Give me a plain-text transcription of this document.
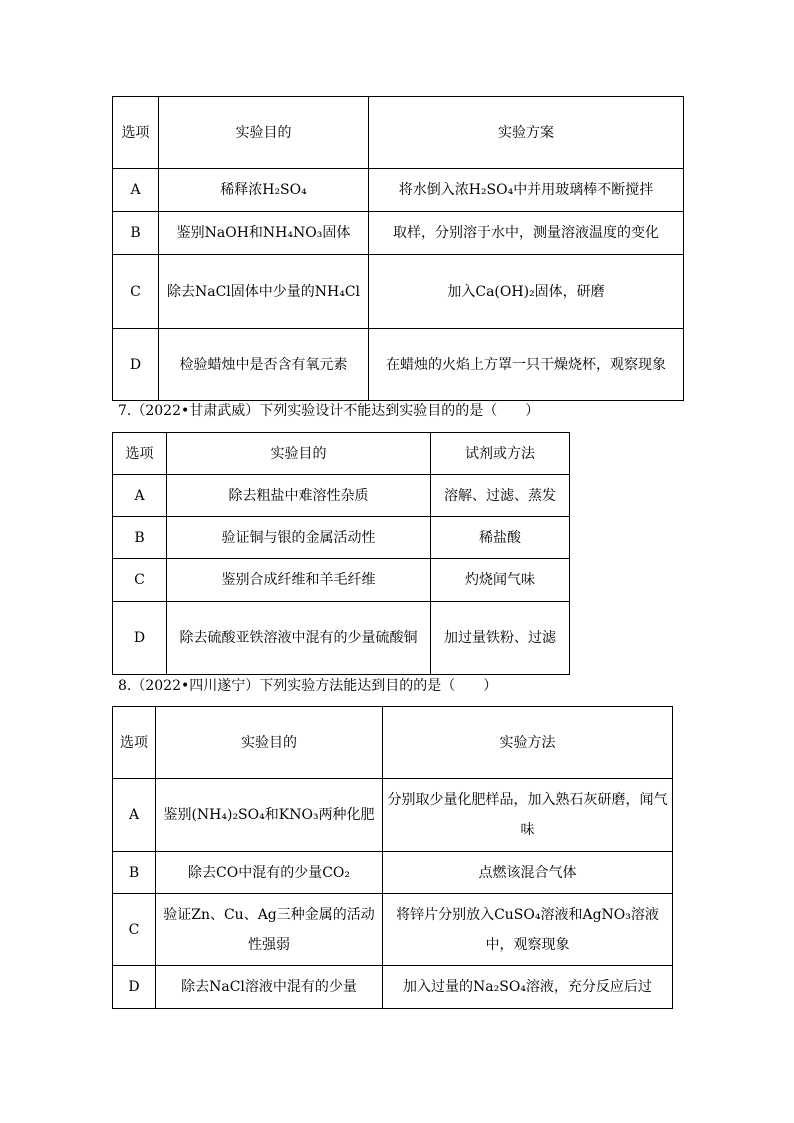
选项	实验目的	实验方案
A	稀释浓H₂SO₄	将水倒入浓H₂SO₄中并用玻璃棒不断搅拌
B	鉴别NaOH和NH₄NO₃固体	取样，分别溶于水中，测量溶液温度的变化
C	除去NaCl固体中少量的NH₄Cl	加入Ca(OH)₂固体，研磨
D	检验蜡烛中是否含有氧元素	在蜡烛的火焰上方罩一只干燥烧杯，观察现象
7.（2022•甘肃武威）下列实验设计不能达到实验目的的是（　　）
选项	实验目的	试剂或方法
A	除去粗盐中难溶性杂质	溶解、过滤、蒸发
B	验证铜与银的金属活动性	稀盐酸
C	鉴别合成纤维和羊毛纤维	灼烧闻气味
D	除去硫酸亚铁溶液中混有的少量硫酸铜	加过量铁粉、过滤
8.（2022•四川遂宁）下列实验方法能达到目的的是（　　）
选项	实验目的	实验方法
A	鉴别(NH₄)₂SO₄和KNO₃两种化肥	分别取少量化肥样品，加入熟石灰研磨，闻气味
B	除去CO中混有的少量CO₂	点燃该混合气体
C	验证Zn、Cu、Ag三种金属的活动性强弱	将锌片分别放入CuSO₄溶液和AgNO₃溶液中，观察现象
D	除去NaCl溶液中混有的少量	加入过量的Na₂SO₄溶液，充分反应后过
